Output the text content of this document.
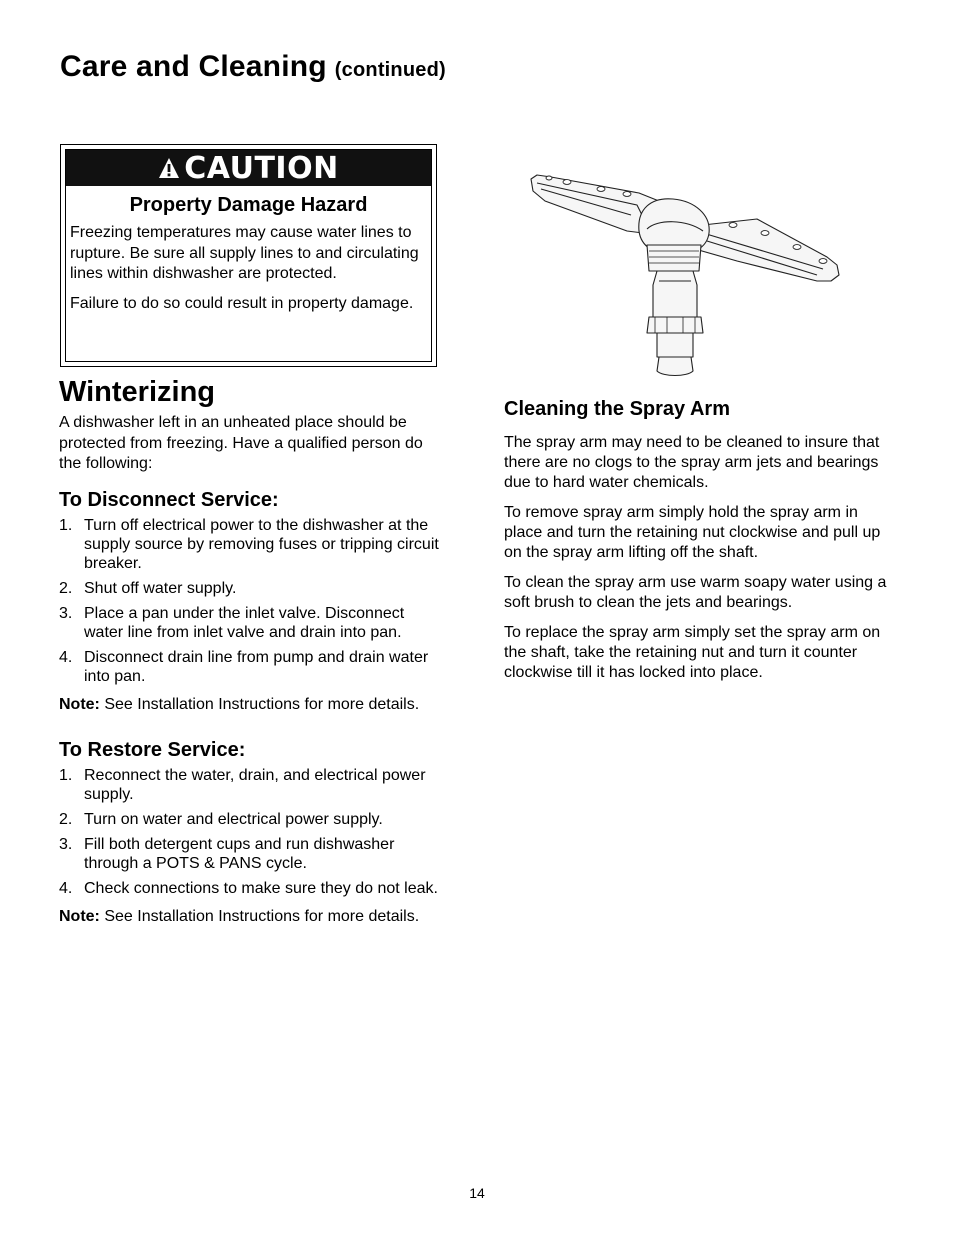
Care and Cleaning (continued)
CAUTION
Property Damage Hazard

Freezing temperatures may cause water lines to rupture. Be sure all supply lines to and circulating lines within dishwasher are protected.

Failure to do so could result in property damage.

Winterizing

A dishwasher left in an unheated place should be protected from freezing. Have a qualified person do the following:

To Disconnect Service:
1. Turn off electrical power to the dishwasher at the supply source by removing fuses or tripping circuit breaker.
2. Shut off water supply.
3. Place a pan under the inlet valve. Disconnect water line from inlet valve and drain into pan.
4. Disconnect drain line from pump and drain water into pan.

Note: See Installation Instructions for more details.

To Restore Service:
1. Reconnect the water, drain, and electrical power supply.
2. Turn on water and electrical power supply.
3. Fill both detergent cups and run dishwasher through a POTS & PANS cycle.
4. Check connections to make sure they do not leak.

Note: See Installation Instructions for more details.

Cleaning the Spray Arm

The spray arm may need to be cleaned to insure that there are no clogs to the spray arm jets and bearings due to hard water chemicals.

To remove spray arm simply hold the spray arm in place and turn the retaining nut clockwise and pull up on the spray arm lifting off the shaft.

To clean the spray arm use warm soapy water using a soft brush to clean the jets and bearings.

To replace the spray arm simply set the spray arm on the shaft, take the retaining nut and turn it counter clockwise till it has locked into place.

14
